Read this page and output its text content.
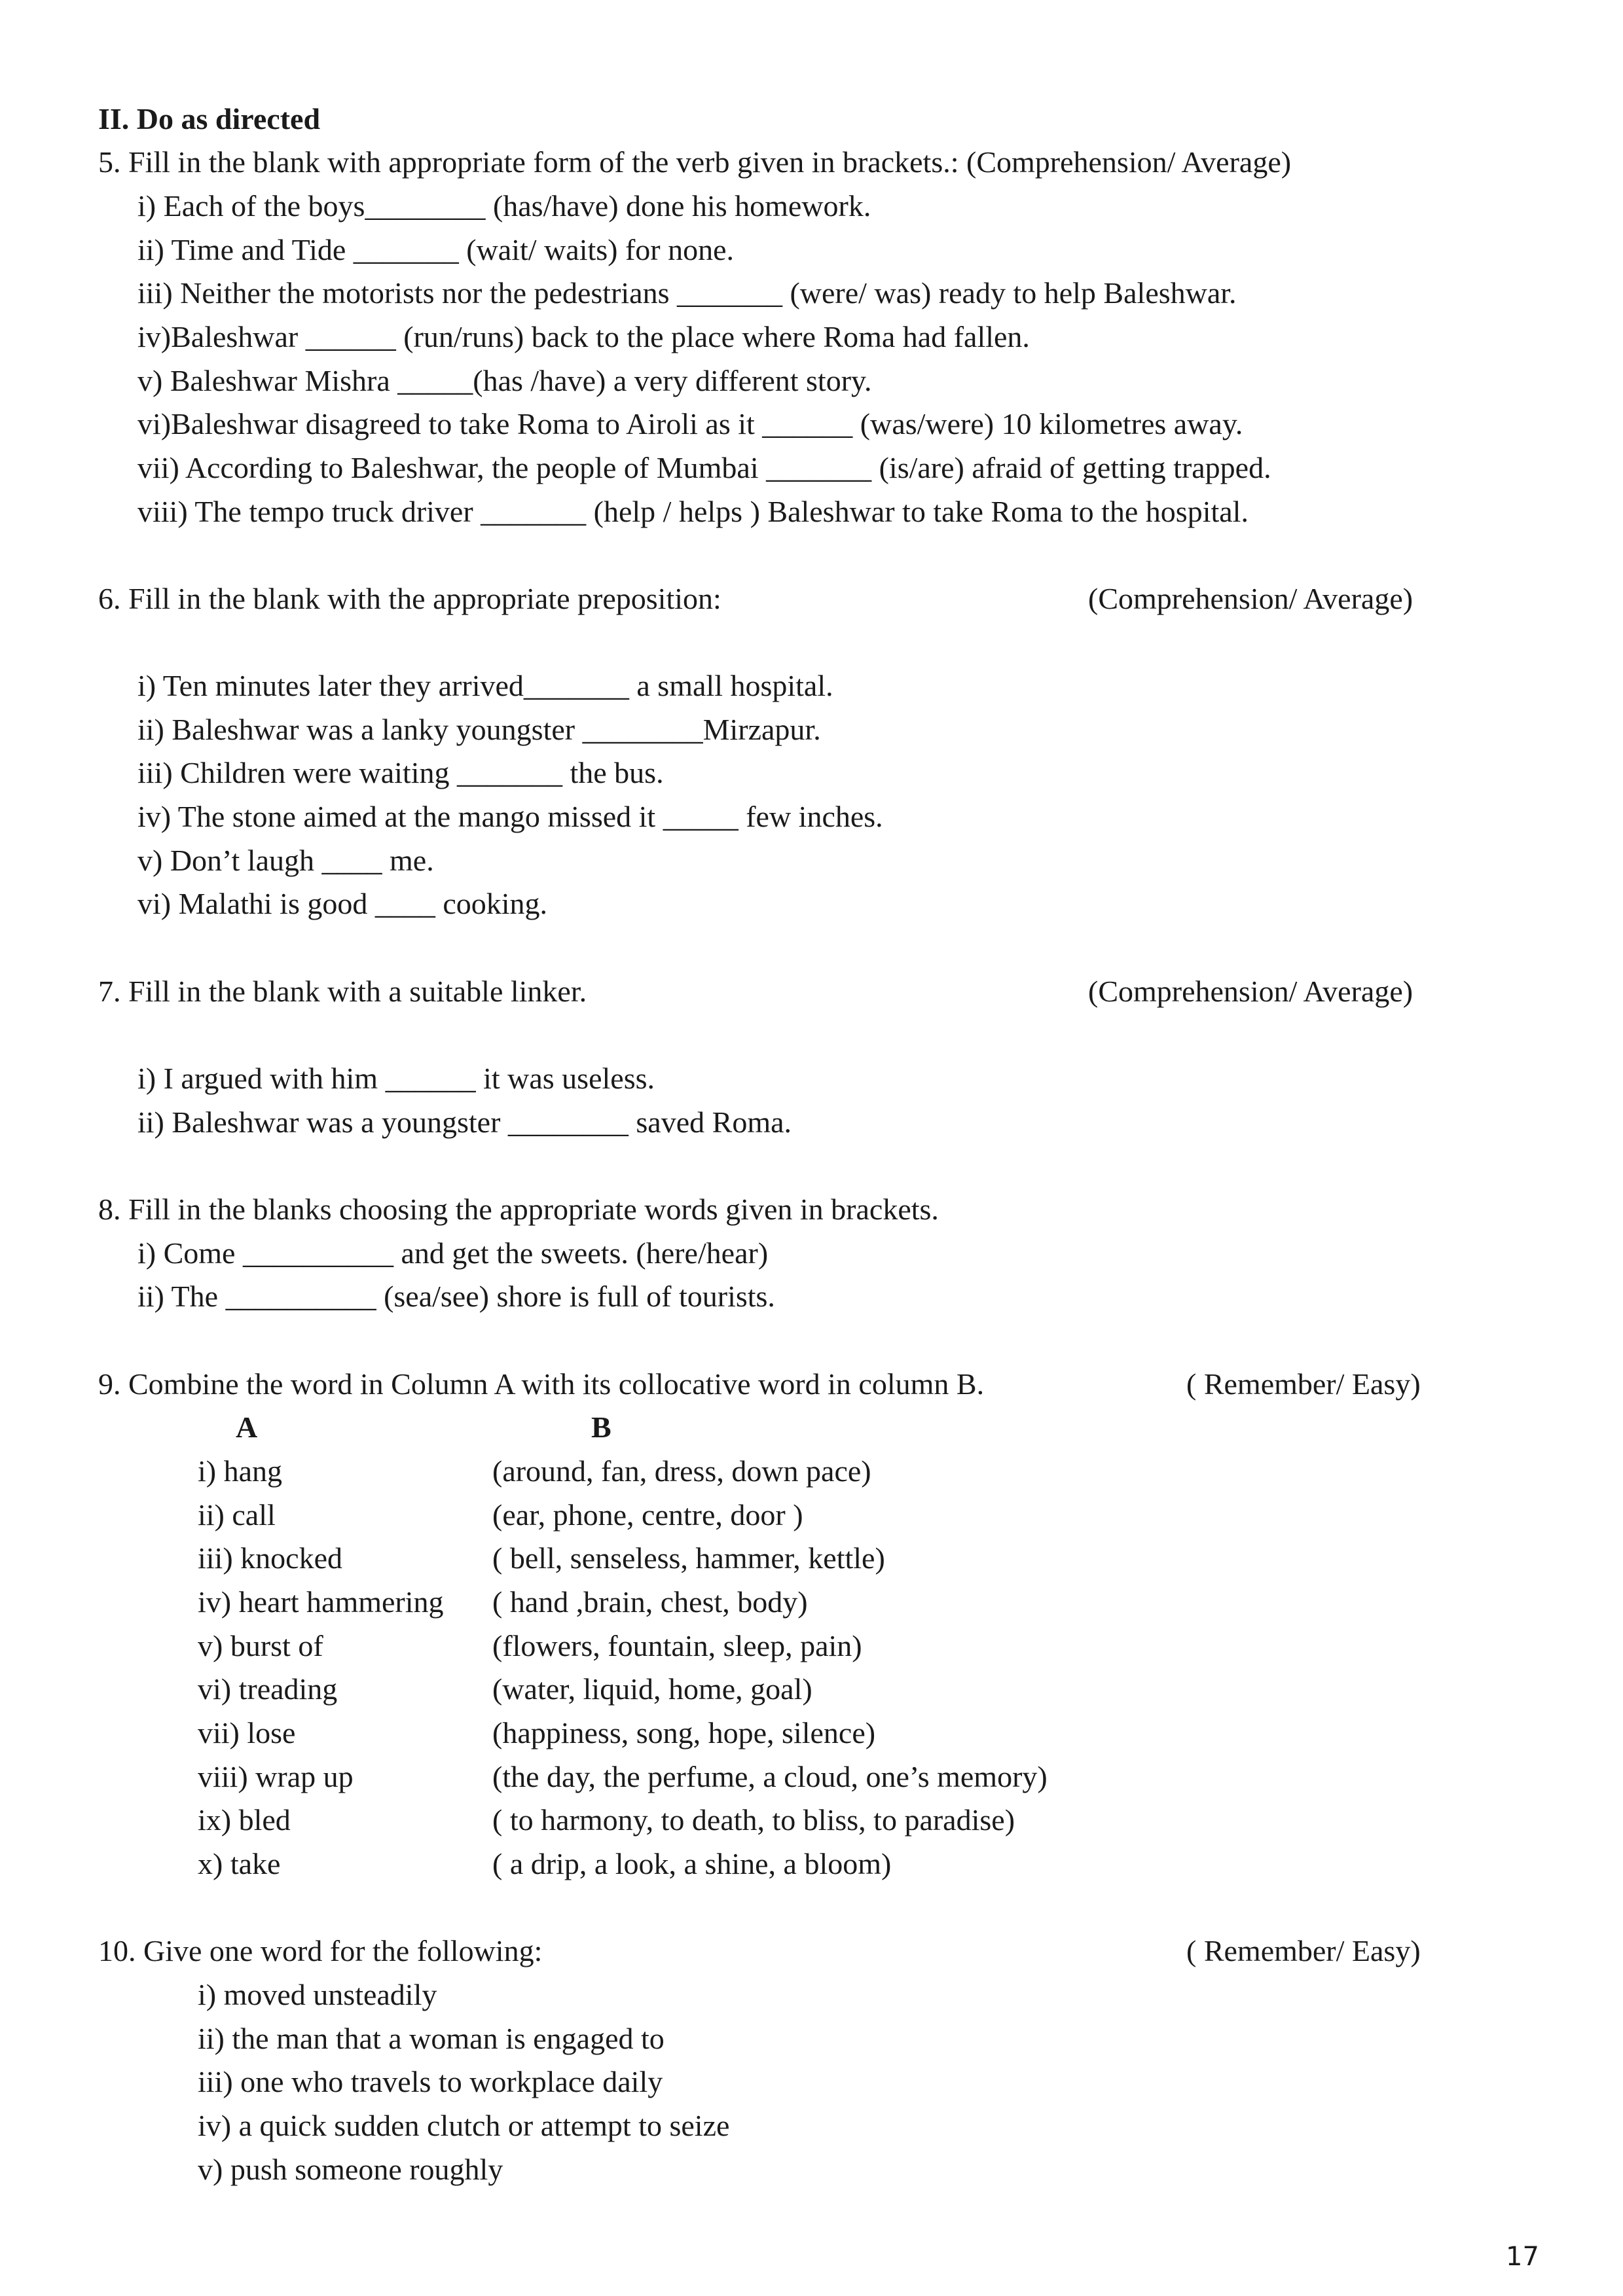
II. Do as directed
5. Fill in the blank with appropriate form of the verb given in brackets.: (Comprehension/ Average)
i) Each of the boys________ (has/have) done his homework.
ii) Time and Tide _______ (wait/ waits) for none.
iii) Neither the motorists nor the pedestrians _______ (were/ was) ready to help Baleshwar.
iv)Baleshwar ______ (run/runs) back to the place where Roma had fallen.
v) Baleshwar Mishra _____(has /have) a very different story.
vi)Baleshwar disagreed to take Roma to Airoli as it ______ (was/were) 10 kilometres away.
vii) According to Baleshwar, the people of Mumbai _______ (is/are) afraid of getting trapped.
viii) The tempo truck driver _______ (help / helps ) Baleshwar to take Roma to the hospital.
6. Fill in the blank with the appropriate preposition:	(Comprehension/ Average)
i) Ten minutes later they arrived_______ a small hospital.
ii) Baleshwar was a lanky youngster ________Mirzapur.
iii) Children were waiting _______ the bus.
iv) The stone aimed at the mango missed it _____ few inches.
v) Don’t laugh ____ me.
vi) Malathi is good ____ cooking.
7. Fill in the blank with a suitable linker.	(Comprehension/ Average)
i) I argued with him ______ it was useless.
ii) Baleshwar was a youngster ________ saved Roma.
8. Fill in the blanks choosing the appropriate words given in brackets.
i) Come __________ and get the sweets. (here/hear)
ii) The __________ (sea/see) shore is full of tourists.
9. Combine the word in Column A with its collocative word in column B.	( Remember/ Easy)
A	B
i) hang	(around, fan, dress, down pace)
ii) call	(ear, phone, centre, door )
iii) knocked	( bell, senseless, hammer, kettle)
iv) heart hammering ( hand ,brain, chest, body)
v) burst of	(flowers, fountain, sleep, pain)
vi) treading	(water, liquid, home, goal)
vii) lose	(happiness, song, hope, silence)
viii) wrap up	(the day, the perfume, a cloud, one’s memory)
ix) bled	( to harmony, to death, to bliss, to paradise)
x) take	( a drip, a look, a shine, a bloom)
10. Give one word for the following:	( Remember/ Easy)
i) moved unsteadily
ii) the man that a woman is engaged to
iii) one who travels to workplace daily
iv) a quick sudden clutch or attempt to seize
v) push someone roughly
17
